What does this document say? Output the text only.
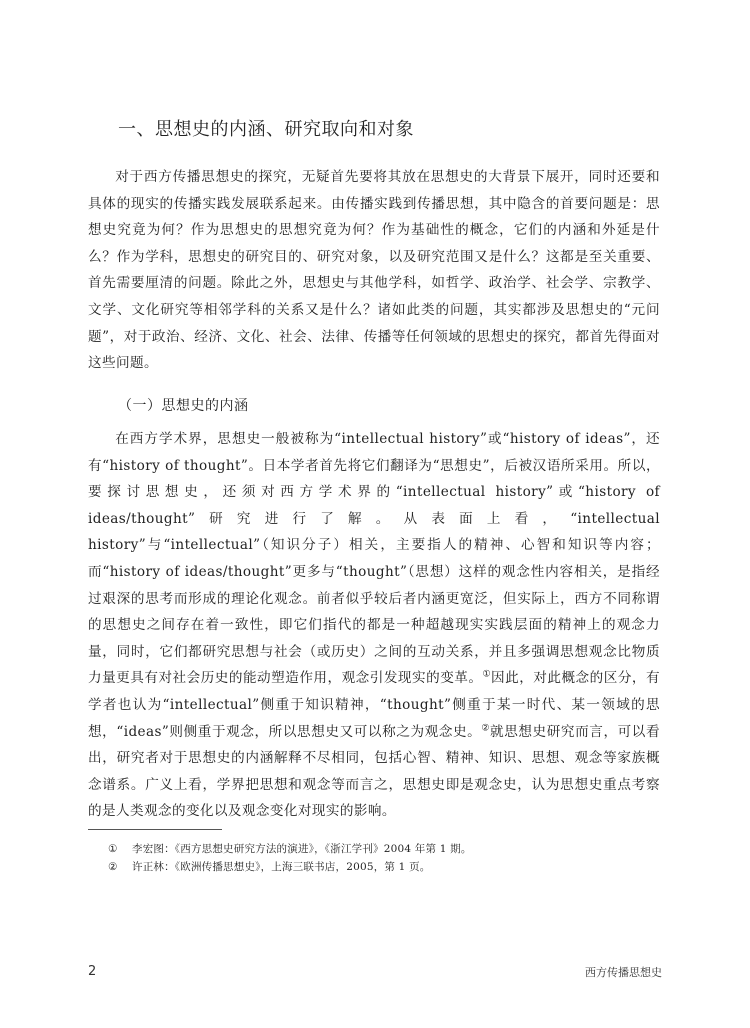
一、思想史的内涵、研究取向和对象

对于西方传播思想史的探究，无疑首先要将其放在思想史的大背景下展开，同时还要和具体的现实的传播实践发展联系起来。由传播实践到传播思想，其中隐含的首要问题是：思想史究竟为何？作为思想史的思想究竟为何？作为基础性的概念，它们的内涵和外延是什么？作为学科，思想史的研究目的、研究对象，以及研究范围又是什么？这都是至关重要、首先需要厘清的问题。除此之外，思想史与其他学科，如哲学、政治学、社会学、宗教学、文学、文化研究等相邻学科的关系又是什么？诸如此类的问题，其实都涉及思想史的“元问题”，对于政治、经济、文化、社会、法律、传播等任何领域的思想史的探究，都首先得面对这些问题。

（一）思想史的内涵

在西方学术界，思想史一般被称为“intellectual history”或“history of ideas”，还有“history of thought”。日本学者首先将它们翻译为“思想史”，后被汉语所采用。所以，要探讨思想史，还须对西方学术界的“intellectual history”或“history of ideas/thought”研究进行了解。从表面上看，“intellectual history”与“intellectual”（知识分子）相关，主要指人的精神、心智和知识等内容；而“history of ideas/thought”更多与“thought”（思想）这样的观念性内容相关，是指经过艰深的思考而形成的理论化观念。前者似乎较后者内涵更宽泛，但实际上，西方不同称谓的思想史之间存在着一致性，即它们指代的都是一种超越现实实践层面的精神上的观念力量，同时，它们都研究思想与社会（或历史）之间的互动关系，并且多强调思想观念比物质力量更具有对社会历史的能动塑造作用，观念引发现实的变革。①因此，对此概念的区分，有学者也认为“intellectual”侧重于知识精神，“thought”侧重于某一时代、某一领域的思想，“ideas”则侧重于观念，所以思想史又可以称之为观念史。②就思想史研究而言，可以看出，研究者对于思想史的内涵解释不尽相同，包括心智、精神、知识、思想、观念等家族概念谱系。广义上看，学界把思想和观念等而言之，思想史即是观念史，认为思想史重点考察的是人类观念的变化以及观念变化对现实的影响。

① 李宏图：《西方思想史研究方法的演进》，《浙江学刊》2004 年第 1 期。

② 许正林：《欧洲传播思想史》，上海三联书店，2005，第 1 页。

2	西方传播思想史
